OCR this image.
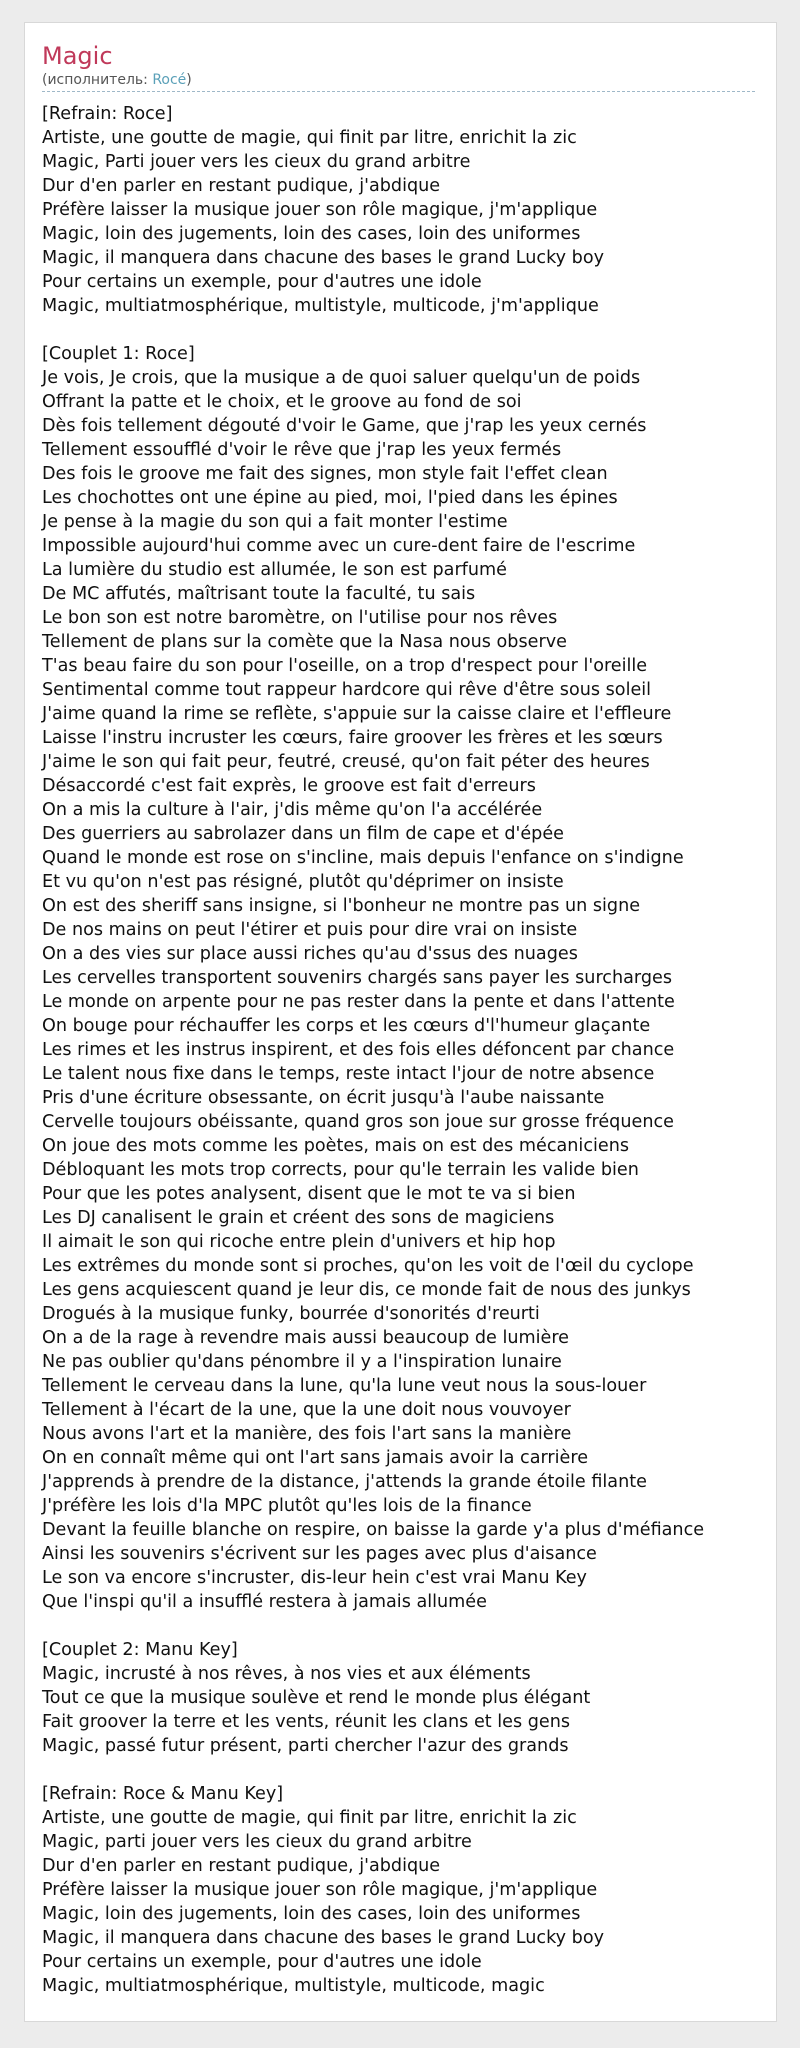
Magic
(исполнитель: Rocé)
[Refrain: Roce]
Artiste, une goutte de magie, qui finit par litre, enrichit la zic
Magic, Parti jouer vers les cieux du grand arbitre
Dur d'en parler en restant pudique, j'abdique
Préfère laisser la musique jouer son rôle magique, j'm'applique
Magic, loin des jugements, loin des cases, loin des uniformes
Magic, il manquera dans chacune des bases le grand Lucky boy
Pour certains un exemple, pour d'autres une idole
Magic, multiatmosphérique, multistyle, multicode, j'm'applique
[Couplet 1: Roce]
Je vois, Je crois, que la musique a de quoi saluer quelqu'un de poids
Offrant la patte et le choix, et le groove au fond de soi
Dès fois tellement dégouté d'voir le Game, que j'rap les yeux cernés
Tellement essoufflé d'voir le rêve que j'rap les yeux fermés
Des fois le groove me fait des signes, mon style fait l'effet clean
Les chochottes ont une épine au pied, moi, l'pied dans les épines
Je pense à la magie du son qui a fait monter l'estime
Impossible aujourd'hui comme avec un cure-dent faire de l'escrime
La lumière du studio est allumée, le son est parfumé
De MC affutés, maîtrisant toute la faculté, tu sais
Le bon son est notre baromètre, on l'utilise pour nos rêves
Tellement de plans sur la comète que la Nasa nous observe
T'as beau faire du son pour l'oseille, on a trop d'respect pour l'oreille
Sentimental comme tout rappeur hardcore qui rêve d'être sous soleil
J'aime quand la rime se reflète, s'appuie sur la caisse claire et l'effleure
Laisse l'instru incruster les cœurs, faire groover les frères et les sœurs
J'aime le son qui fait peur, feutré, creusé, qu'on fait péter des heures
Désaccordé c'est fait exprès, le groove est fait d'erreurs
On a mis la culture à l'air, j'dis même qu'on l'a accélérée
Des guerriers au sabrolazer dans un film de cape et d'épée
Quand le monde est rose on s'incline, mais depuis l'enfance on s'indigne
Et vu qu'on n'est pas résigné, plutôt qu'déprimer on insiste
On est des sheriff sans insigne, si l'bonheur ne montre pas un signe
De nos mains on peut l'étirer et puis pour dire vrai on insiste
On a des vies sur place aussi riches qu'au d'ssus des nuages
Les cervelles transportent souvenirs chargés sans payer les surcharges
Le monde on arpente pour ne pas rester dans la pente et dans l'attente
On bouge pour réchauffer les corps et les cœurs d'l'humeur glaçante
Les rimes et les instrus inspirent, et des fois elles défoncent par chance
Le talent nous fixe dans le temps, reste intact l'jour de notre absence
Pris d'une écriture obsessante, on écrit jusqu'à l'aube naissante
Cervelle toujours obéissante, quand gros son joue sur grosse fréquence
On joue des mots comme les poètes, mais on est des mécaniciens
Débloquant les mots trop corrects, pour qu'le terrain les valide bien
Pour que les potes analysent, disent que le mot te va si bien
Les DJ canalisent le grain et créent des sons de magiciens
Il aimait le son qui ricoche entre plein d'univers et hip hop
Les extrêmes du monde sont si proches, qu'on les voit de l'œil du cyclope
Les gens acquiescent quand je leur dis, ce monde fait de nous des junkys
Drogués à la musique funky, bourrée d'sonorités d'reurti
On a de la rage à revendre mais aussi beaucoup de lumière
Ne pas oublier qu'dans pénombre il y a l'inspiration lunaire
Tellement le cerveau dans la lune, qu'la lune veut nous la sous-louer
Tellement à l'écart de la une, que la une doit nous vouvoyer
Nous avons l'art et la manière, des fois l'art sans la manière
On en connaît même qui ont l'art sans jamais avoir la carrière
J'apprends à prendre de la distance, j'attends la grande étoile filante
J'préfère les lois d'la MPC plutôt qu'les lois de la finance
Devant la feuille blanche on respire, on baisse la garde y'a plus d'méfiance
Ainsi les souvenirs s'écrivent sur les pages avec plus d'aisance
Le son va encore s'incruster, dis-leur hein c'est vrai Manu Key
Que l'inspi qu'il a insufflé restera à jamais allumée
[Couplet 2: Manu Key]
Magic, incrusté à nos rêves, à nos vies et aux éléments
Tout ce que la musique soulève et rend le monde plus élégant
Fait groover la terre et les vents, réunit les clans et les gens
Magic, passé futur présent, parti chercher l'azur des grands
[Refrain: Roce & Manu Key]
Artiste, une goutte de magie, qui finit par litre, enrichit la zic
Magic, parti jouer vers les cieux du grand arbitre
Dur d'en parler en restant pudique, j'abdique
Préfère laisser la musique jouer son rôle magique, j'm'applique
Magic, loin des jugements, loin des cases, loin des uniformes
Magic, il manquera dans chacune des bases le grand Lucky boy
Pour certains un exemple, pour d'autres une idole
Magic, multiatmosphérique, multistyle, multicode, magic
